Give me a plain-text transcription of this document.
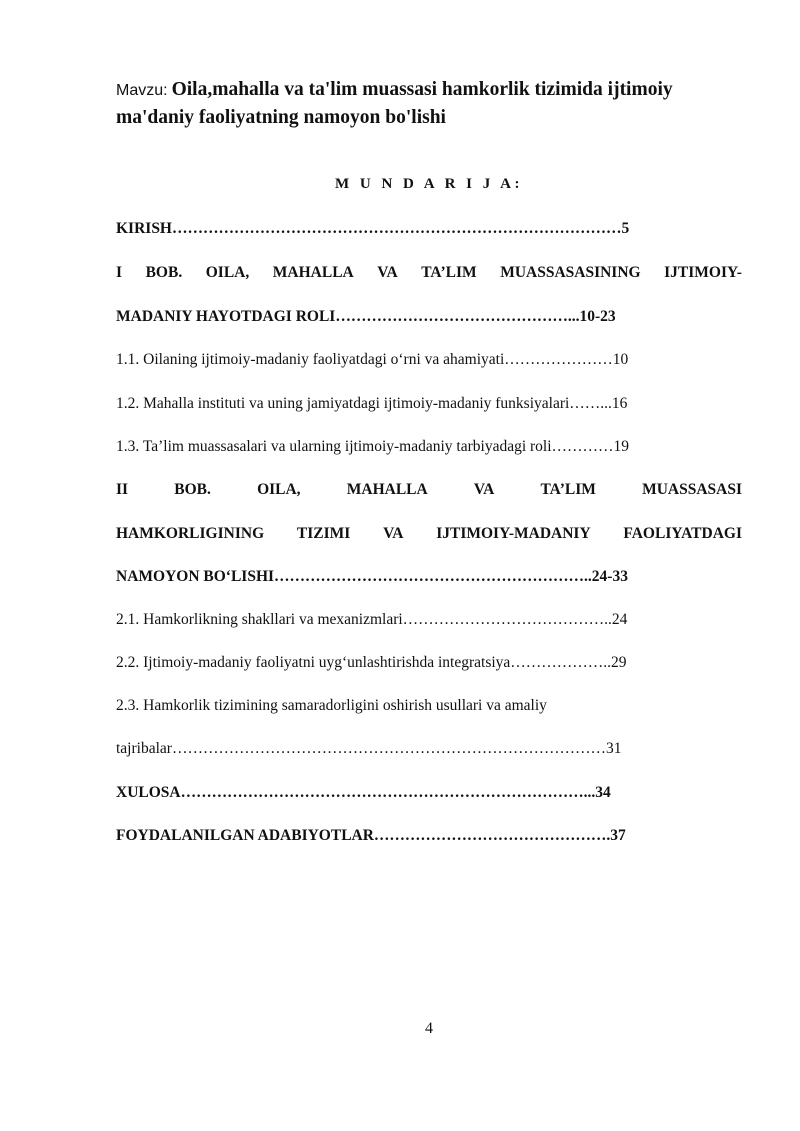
Mavzu: Oila,mahalla va ta'lim muassasi hamkorlik tizimida ijtimoiy
ma'daniy faoliyatning namoyon bo'lishi
M U N D A R I J A:
KIRISH……………………………………………………………………………5
I BOB. OILA, MAHALLA VA TA’LIM MUASSASASINING IJTIMOIY-
MADANIY HAYOTDAGI ROLI………………………………………...10-23
1.1. Oilaning ijtimoiy-madaniy faoliyatdagi o‘rni va ahamiyati…………………10
1.2. Mahalla instituti va uning jamiyatdagi ijtimoiy-madaniy funksiyalari……...16
1.3. Ta’lim muassasalari va ularning ijtimoiy-madaniy tarbiyadagi roli…………19
II	BOB.	OILA,	MAHALLA	VA	TA’LIM	MUASSASASI
HAMKORLIGINING TIZIMI VA IJTIMOIY-MADANIY FAOLIYATDAGI
NAMOYON BO‘LISHI……………………………………………………..24-33
2.1. Hamkorlikning shakllari va mexanizmlari…………………………………..24
2.2. Ijtimoiy-madaniy faoliyatni uyg‘unlashtirishda integratsiya………………..29
2.3. Hamkorlik tizimining samaradorligini oshirish usullari va amaliy
tajribalar…………………………………………………………………………31
XULOSA……………………………………………………………………...34
FOYDALANILGAN ADABIYOTLAR……………………………………….37
4
